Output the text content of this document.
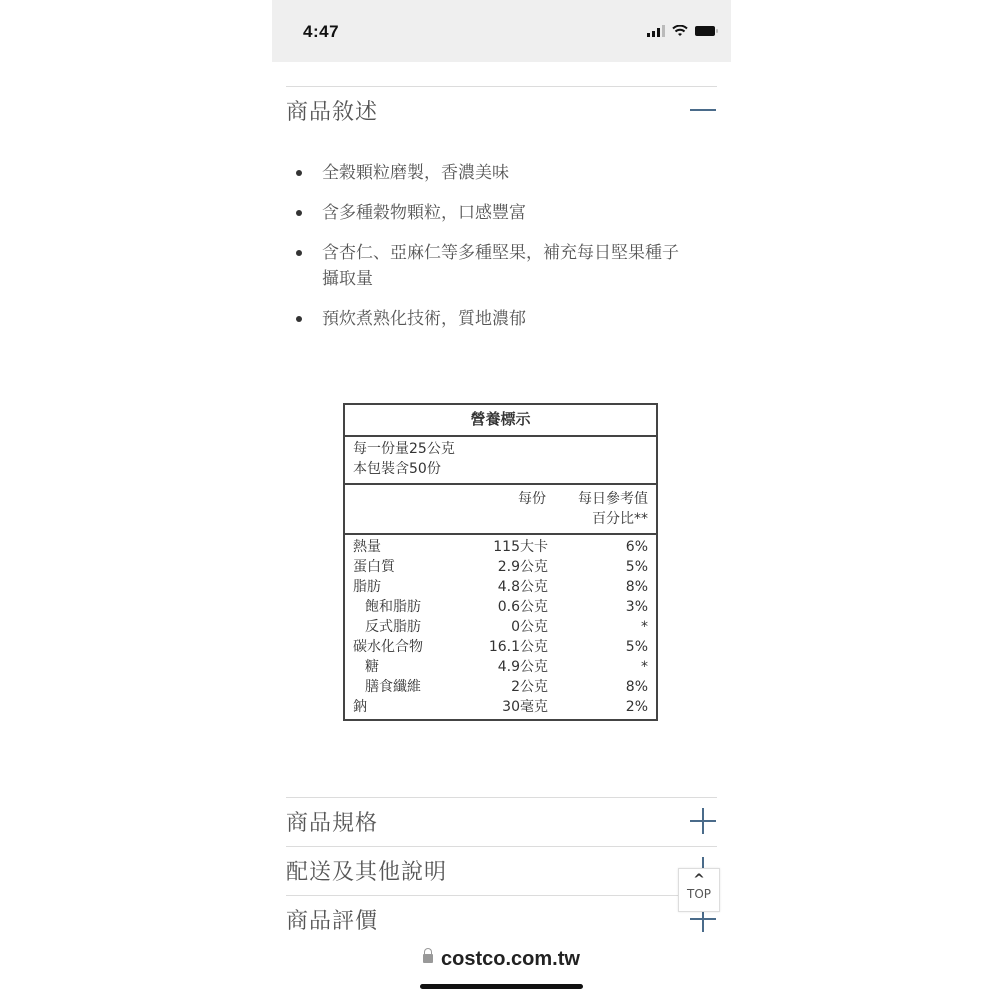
4:47
商品敘述
全穀顆粒磨製，香濃美味
含多種穀物顆粒，口感豐富
含杏仁、亞麻仁等多種堅果，補充每日堅果種子攝取量
預炊煮熟化技術，質地濃郁
營養標示
每一份量25公克
本包裝含50份
每份	每日參考值
百分比**
熱量	115大卡	6%
蛋白質	2.9公克	5%
脂肪	4.8公克	8%
飽和脂肪	0.6公克	3%
反式脂肪	0公克	*
碳水化合物	16.1公克	5%
糖	4.9公克	*
膳食纖維	2公克	8%
鈉	30毫克	2%
商品規格
配送及其他說明
商品評價
^
TOP
costco.com.tw
